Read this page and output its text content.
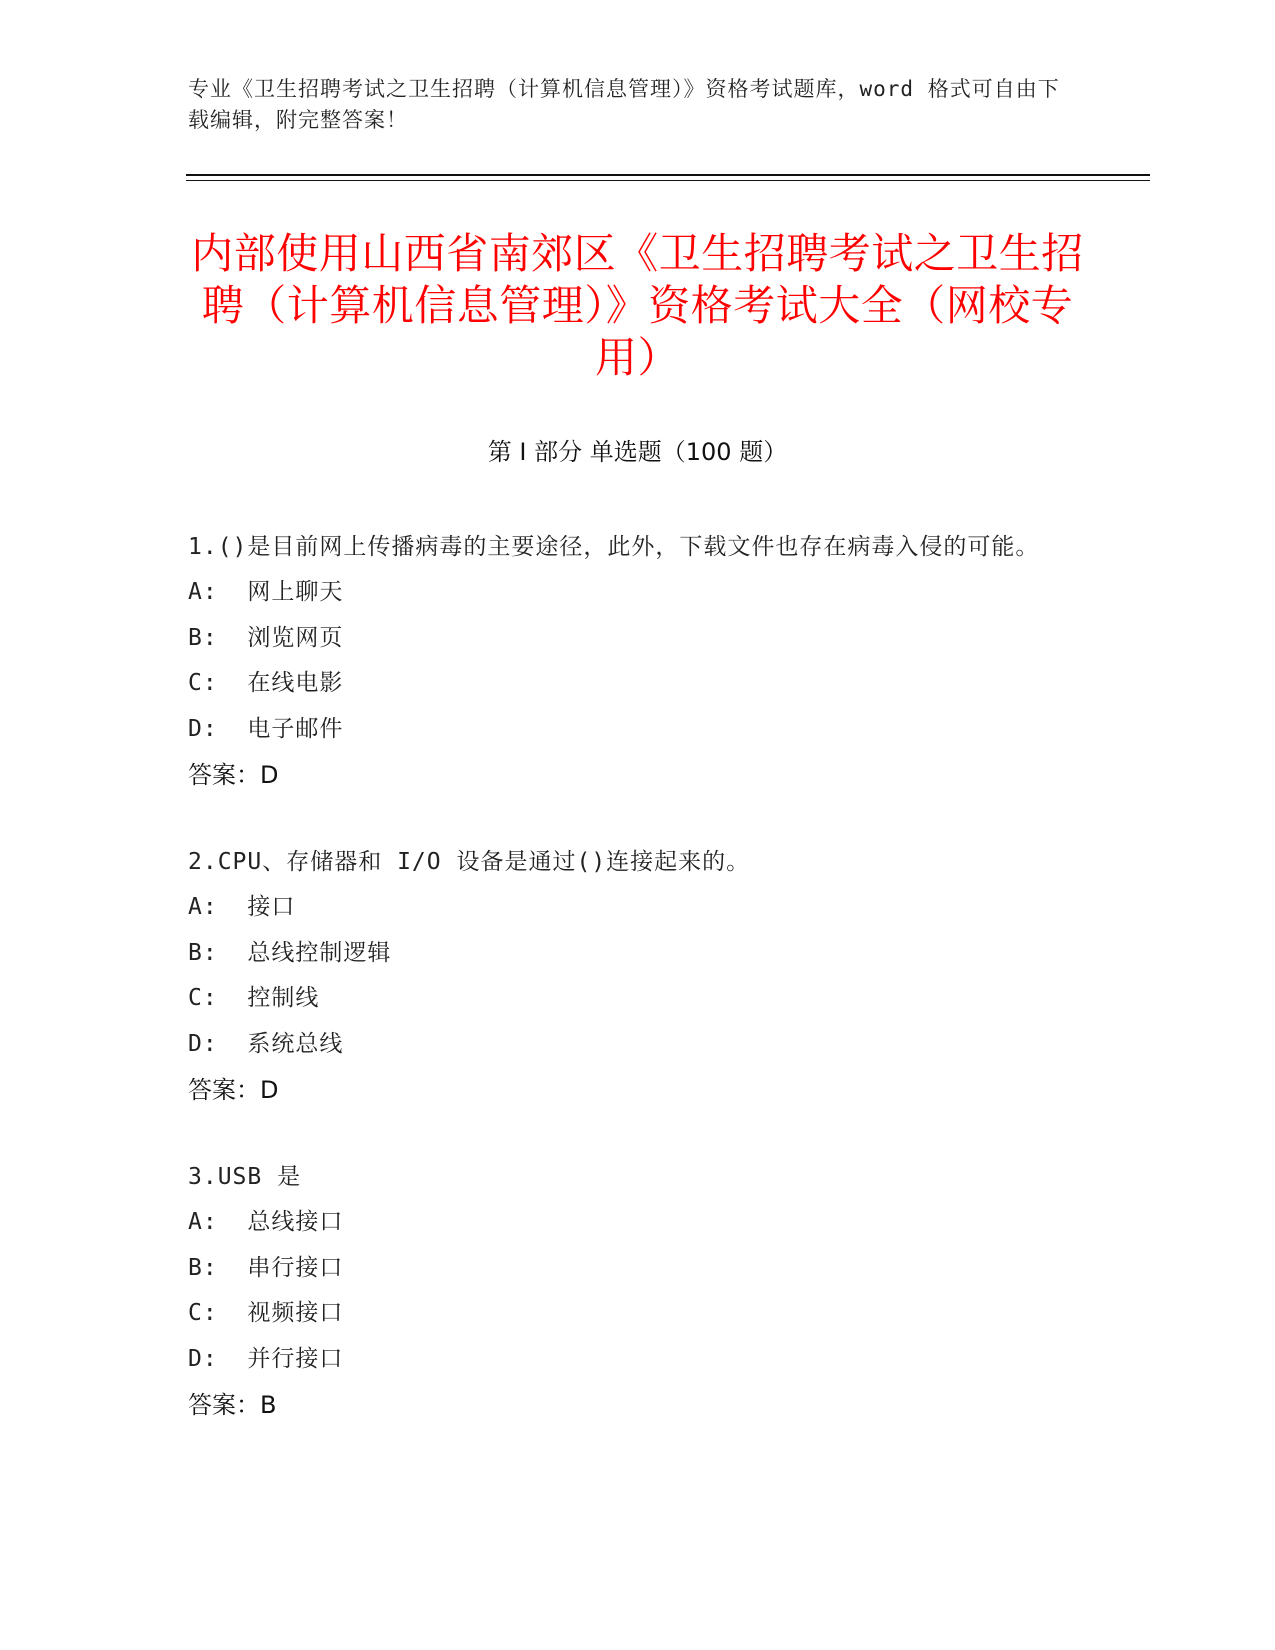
专业《卫生招聘考试之卫生招聘（计算机信息管理）》资格考试题库，word 格式可自由下载编辑，附完整答案！
内部使用山西省南郊区《卫生招聘考试之卫生招聘（计算机信息管理）》资格考试大全（网校专用）
第 I 部分 单选题（100 题）
1.()是目前网上传播病毒的主要途径，此外，下载文件也存在病毒入侵的可能。
A:  网上聊天
B:  浏览网页
C:  在线电影
D:  电子邮件
答案：D
2.CPU、存储器和 I/O 设备是通过()连接起来的。
A:  接口
B:  总线控制逻辑
C:  控制线
D:  系统总线
答案：D
3.USB 是
A:  总线接口
B:  串行接口
C:  视频接口
D:  并行接口
答案：B
